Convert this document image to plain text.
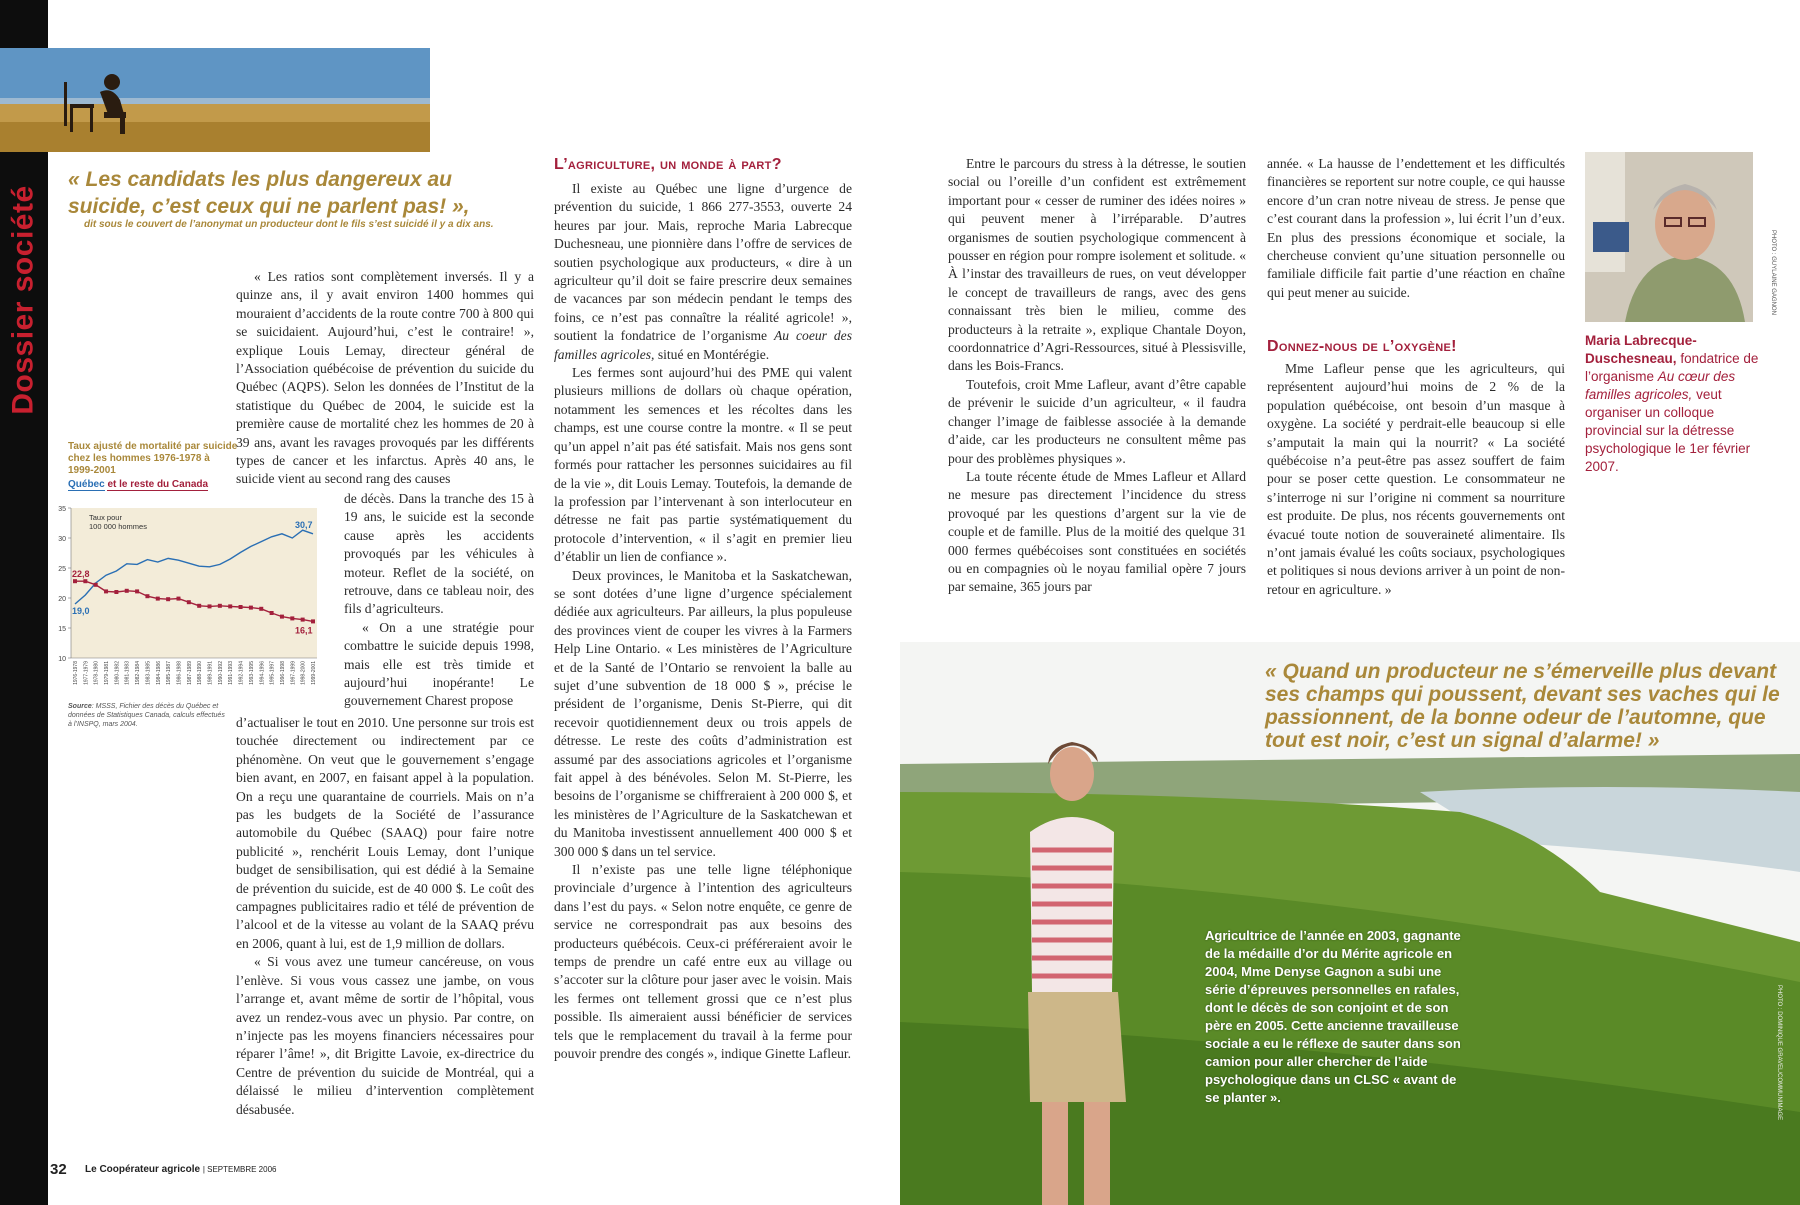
Dossier société
« Les candidats les plus dangereux au suicide, c’est ceux qui ne parlent pas! »,
dit sous le couvert de l’anonymat un producteur dont le fils s’est suicidé il y a dix ans.
Taux ajusté de mortalité par suicide chez les hommes 1976-1978 à 1999-2001
Québec et le reste du Canada
35
30
25
20
15
10
Taux pour 100 000 hommes
1976-1978 1977-1979 1978-1980 1979-1981 1980-1982 1981-1983 1982-1984 1983-1985 1984-1986 1985-1987 1986-1988 1987-1989 1988-1990 1989-1991 1990-1992 1991-1993 1992-1994 1993-1995 1994-1996 1995-1997 1996-1998 1997-1999 1998-2000 1999-2001
19,0
30,7
22,8
16,1
Source: MSSS, Fichier des décès du Québec et données de Statistiques Canada, calculs effectués à l’INSPQ, mars 2004.

« Les ratios sont complètement inversés. Il y a quinze ans, il y avait environ 1400 hommes qui mouraient d’accidents de la route contre 700 à 800 qui se suicidaient. Aujourd’hui, c’est le contraire! », explique Louis Lemay, directeur général de l’Association québécoise de prévention du suicide du Québec (AQPS). Selon les données de l’Institut de la statistique du Québec de 2004, le suicide est la première cause de mortalité chez les hommes de 20 à 39 ans, avant les ravages provoqués par les différents types de cancer et les infarctus. Après 40 ans, le suicide vient au second rang des causes

de décès. Dans la tranche des 15 à 19 ans, le suicide est la seconde cause après les accidents provoqués par les véhicules à moteur. Reflet de la société, on retrouve, dans ce tableau noir, des fils d’agriculteurs.

« On a une stratégie pour combattre le suicide depuis 1998, mais elle est très timide et aujourd’hui inopérante! Le gouvernement Charest propose

d’actualiser le tout en 2010. Une personne sur trois est touchée directement ou indirectement par ce phénomène. On veut que le gouvernement s’engage bien avant, en 2007, en faisant appel à la population. On a reçu une quarantaine de courriels. Mais on n’a pas les budgets de la Société de l’assurance automobile du Québec (SAAQ) pour faire notre publicité », renchérit Louis Lemay, dont l’unique budget de sensibilisation, qui est dédié à la Semaine de prévention du suicide, est de 40 000 $. Le coût des campagnes publicitaires radio et télé de prévention de l’alcool et de la vitesse au volant de la SAAQ prévu en 2006, quant à lui, est de 1,9 million de dollars.

« Si vous avez une tumeur cancéreuse, on vous l’enlève. Si vous vous cassez une jambe, on vous l’arrange et, avant même de sortir de l’hôpital, vous avez un rendez-vous avec un physio. Par contre, on n’injecte pas les moyens financiers nécessaires pour réparer l’âme! », dit Brigitte Lavoie, ex-directrice du Centre de prévention du suicide de Montréal, qui a délaissé le milieu d’intervention complètement désabusée.

L’agriculture, un monde à part?

Il existe au Québec une ligne d’urgence de prévention du suicide, 1 866 277-3553, ouverte 24 heures par jour. Mais, reproche Maria Labrecque Duchesneau, une pionnière dans l’offre de services de soutien psychologique aux producteurs, « dire à un agriculteur qu’il doit se faire prescrire deux semaines de vacances par son médecin pendant le temps des foins, ce n’est pas connaître la réalité agricole! », soutient la fondatrice de l’organisme Au coeur des familles agricoles, situé en Montérégie.

Les fermes sont aujourd’hui des PME qui valent plusieurs millions de dollars où chaque opération, notamment les semences et les récoltes dans les champs, est une course contre la montre. « Il se peut qu’un appel n’ait pas été satisfait. Mais nos gens sont formés pour rattacher les personnes suicidaires au fil de la vie », dit Louis Lemay. Toutefois, la demande de la profession par l’intervenant à son interlocuteur en détresse ne fait pas partie systématiquement du protocole d’intervention, « il s’agit en premier lieu d’établir un lien de confiance ».

Deux provinces, le Manitoba et la Saskatchewan, se sont dotées d’une ligne d’urgence spécialement dédiée aux agriculteurs. Par ailleurs, la plus populeuse des provinces vient de couper les vivres à la Farmers Help Line Ontario. « Les ministères de l’Agriculture et de la Santé de l’Ontario se renvoient la balle au sujet d’une subvention de 18 000 $ », précise le président de l’organisme, Denis St-Pierre, qui dit recevoir quotidiennement deux ou trois appels de détresse. Le reste des coûts d’administration est assumé par des associations agricoles et l’organisme fait appel à des bénévoles. Selon M. St-Pierre, les besoins de l’organisme se chiffreraient à 200 000 $, et les ministères de l’Agriculture de la Saskatchewan et du Manitoba investissent annuellement 400 000 $ et 300 000 $ dans un tel service.

Il n’existe pas une telle ligne téléphonique provinciale d’urgence à l’intention des agriculteurs dans l’est du pays. « Selon notre enquête, ce genre de service ne correspondrait pas aux besoins des producteurs québécois. Ceux-ci préféreraient avoir le temps de prendre un café entre eux au village ou s’accoter sur la clôture pour jaser avec le voisin. Mais les fermes ont tellement grossi que ce n’est plus possible. Ils aimeraient aussi bénéficier de services tels que le remplacement du travail à la ferme pour pouvoir prendre des congés », indique Ginette Lafleur.

Entre le parcours du stress à la détresse, le soutien social ou l’oreille d’un confident est extrêmement important pour « cesser de ruminer des idées noires » qui peuvent mener à l’irréparable. D’autres organismes de soutien psychologique commencent à pousser en région pour rompre isolement et solitude. « À l’instar des travailleurs de rues, on veut développer le concept de travailleurs de rangs, avec des gens connaissant très bien le milieu, comme des producteurs à la retraite », explique Chantale Doyon, coordonnatrice d’Agri-Ressources, situé à Plessisville, dans les Bois-Francs.

Toutefois, croit Mme Lafleur, avant d’être capable de prévenir le suicide d’un agriculteur, « il faudra changer l’image de faiblesse associée à la demande d’aide, car les producteurs ne consultent même pas pour des problèmes physiques ».

La toute récente étude de Mmes Lafleur et Allard ne mesure pas directement l’incidence du stress provoqué par les questions d’argent sur la vie de couple et de famille. Plus de la moitié des quelque 31 000 fermes québécoises sont constituées en sociétés ou en compagnies où le noyau familial opère 7 jours par semaine, 365 jours par

année. « La hausse de l’endettement et les difficultés financières se reportent sur notre couple, ce qui hausse encore d’un cran notre niveau de stress. Je pense que c’est courant dans la profession », lui écrit l’un d’eux. En plus des pressions économique et sociale, la chercheuse convient qu’une situation personnelle ou familiale difficile fait partie d’une réaction en chaîne qui peut mener au suicide.

Donnez-nous de l’oxygène!

Mme Lafleur pense que les agriculteurs, qui représentent aujourd’hui moins de 2 % de la population québécoise, ont besoin d’un masque à oxygène. La société y perdrait-elle beaucoup si elle s’amputait la main qui la nourrit? « La société québécoise n’a peut-être pas assez souffert de faim pour se poser cette question. Le consommateur ne s’interroge ni sur l’origine ni comment sa nourriture est produite. De plus, nos récents gouvernements ont évacué toute notion de souveraineté alimentaire. Ils n’ont jamais évalué les coûts sociaux, psychologiques et politiques si nous devions arriver à un point de non-retour en agriculture. »

PHOTO : GUYLAINE GAGNON
Maria Labrecque-Duschesneau, fondatrice de l’organisme Au cœur des familles agricoles, veut organiser un colloque provincial sur la détresse psychologique le 1er février 2007.
« Quand un producteur ne s’émerveille plus devant ses champs qui poussent, devant ses vaches qui le passionnent, de la bonne odeur de l’automne, que tout est noir, c’est un signal d’alarme! »
Agricultrice de l’année en 2003, gagnante de la médaille d’or du Mérite agricole en 2004, Mme Denyse Gagnon a subi une série d’épreuves personnelles en rafales, dont le décès de son conjoint et de son père en 2005. Cette ancienne travailleuse sociale a eu le réflexe de sauter dans son camion pour aller chercher de l’aide psychologique dans un CLSC « avant de se planter ».	PHOTO : DOMINIQUE GRAVEL/COMMUNIMAGE
32 Le Coopérateur agricole | SEPTEMBRE 2006
